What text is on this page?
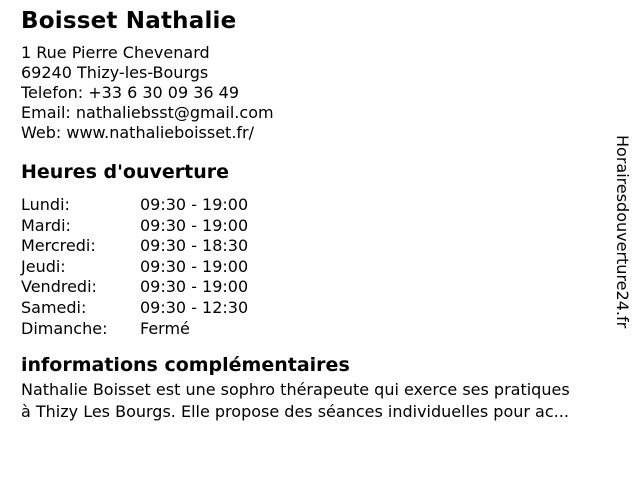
Boisset Nathalie
1 Rue Pierre Chevenard
69240 Thizy-les-Bourgs
Telefon: +33 6 30 09 36 49
Email: nathaliebsst@gmail.com
Web: www.nathalieboisset.fr/
Heures d'ouverture
Lundi:	09:30 - 19:00
Mardi:	09:30 - 19:00
Mercredi:	09:30 - 18:30
Jeudi:	09:30 - 19:00
Vendredi:	09:30 - 19:00
Samedi:	09:30 - 12:30
Dimanche:	Fermé
informations complémentaires

Nathalie Boisset est une sophro thérapeute qui exerce ses pratiques à Thizy Les Bourgs. Elle propose des séances individuelles pour ac...

Horairesdouverture24.fr
